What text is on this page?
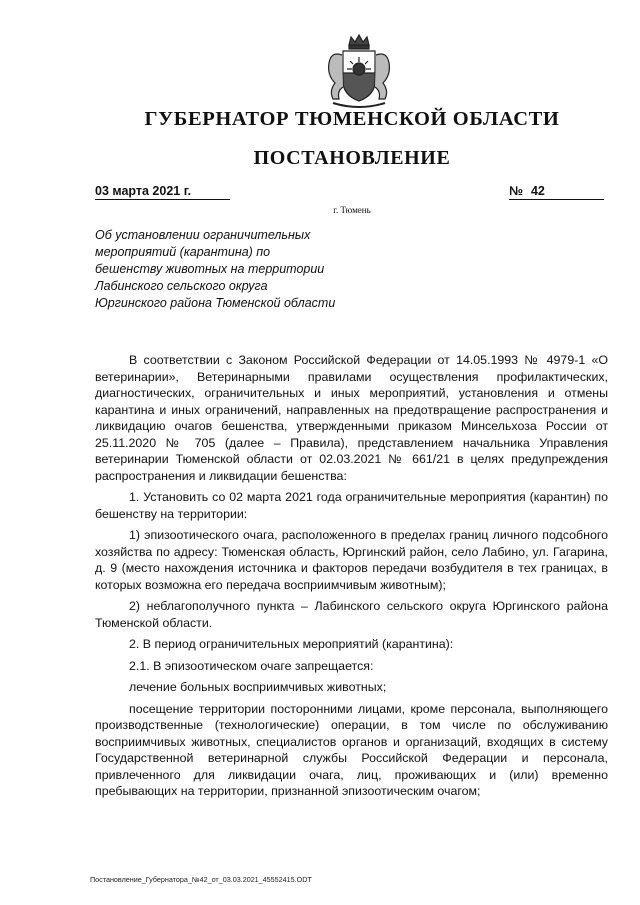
ГУБЕРНАТОР ТЮМЕНСКОЙ ОБЛАСТИ
ПОСТАНОВЛЕНИЕ
03 марта 2021 г.	№ 42
г. Тюмень
Об установлении ограничительных
мероприятий (карантина) по
бешенству животных на территории
Лабинского сельского округа
Юргинского района Тюменской области

В соответствии с Законом Российской Федерации от 14.05.1993 № 4979-1 «О ветеринарии», Ветеринарными правилами осуществления профилактических, диагностических, ограничительных и иных мероприятий, установления и отмены карантина и иных ограничений, направленных на предотвращение распространения и ликвидацию очагов бешенства, утвержденными приказом Минсельхоза России от 25.11.2020 № 705 (далее – Правила), представлением начальника Управления ветеринарии Тюменской области от 02.03.2021 № 661/21 в целях предупреждения распространения и ликвидации бешенства:

1. Установить со 02 марта 2021 года ограничительные мероприятия (карантин) по бешенству на территории:

1) эпизоотического очага, расположенного в пределах границ личного подсобного хозяйства по адресу: Тюменская область, Юргинский район, село Лабино, ул. Гагарина, д. 9 (место нахождения источника и факторов передачи возбудителя в тех границах, в которых возможна его передача восприимчивым животным);

2) неблагополучного пункта – Лабинского сельского округа Юргинского района Тюменской области.

2. В период ограничительных мероприятий (карантина):

2.1. В эпизоотическом очаге запрещается:

лечение больных восприимчивых животных;

посещение территории посторонними лицами, кроме персонала, выполняющего производственные (технологические) операции, в том числе по обслуживанию восприимчивых животных, специалистов органов и организаций, входящих в систему Государственной ветеринарной службы Российской Федерации и персонала, привлеченного для ликвидации очага, лиц, проживающих и (или) временно пребывающих на территории, признанной эпизоотическим очагом;

Постановление_Губернатора_№42_от_03.03.2021_45552415.ODT
